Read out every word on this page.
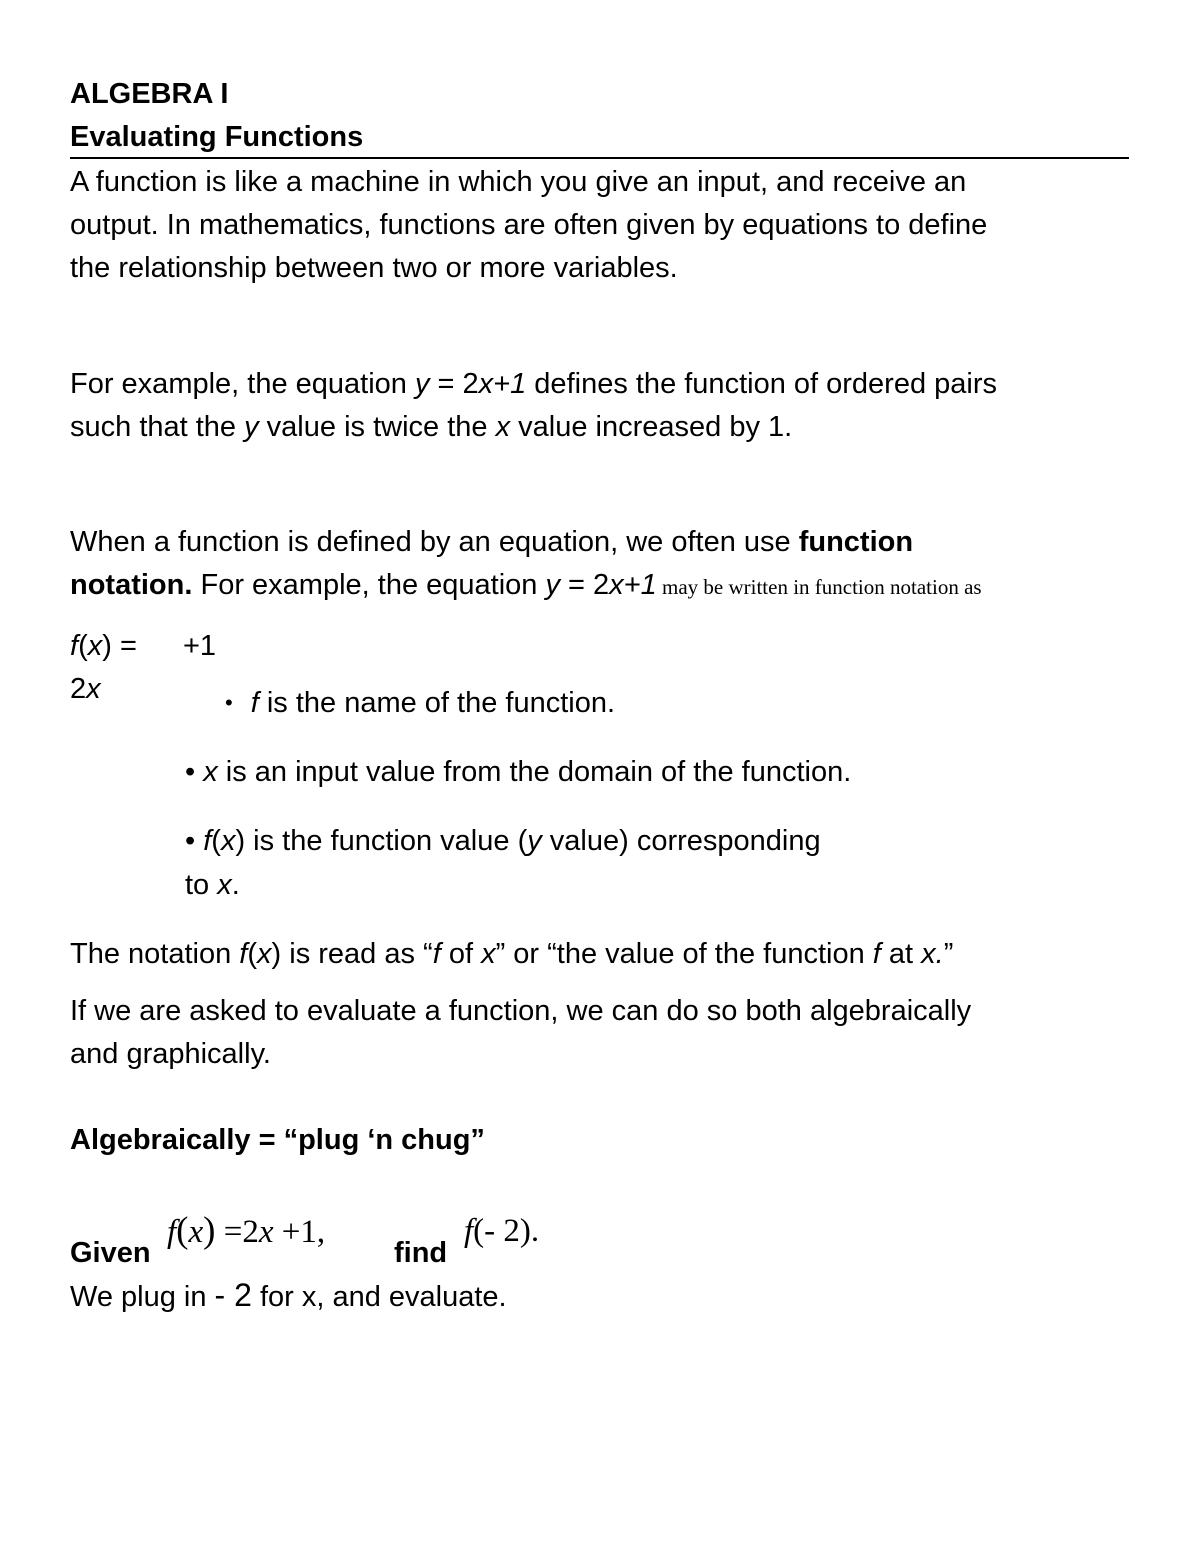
ALGEBRA I
Evaluating Functions
A function is like a machine in which you give an input, and receive an
output. In mathematics, functions are often given by equations to define
the relationship between two or more variables.
For example, the equation y = 2x+1 defines the function of ordered pairs
such that the y value is twice the x value increased by 1.
When a function is defined by an equation, we often use function
notation. For example, the equation y = 2x+1 may be written in function notation as
f(x) = +1
2x	• f is the name of the function.
• x is an input value from the domain of the function.
• f(x) is the function value (y value) corresponding
to x.
The notation f(x) is read as “f of x” or “the value of the function f at x.”
If we are asked to evaluate a function, we can do so both algebraically
and graphically.
Algebraically = “plug ‘n chug”
Given
f(x) =2x +1,
find
f(- 2).
We plug in - 2 for x, and evaluate.
